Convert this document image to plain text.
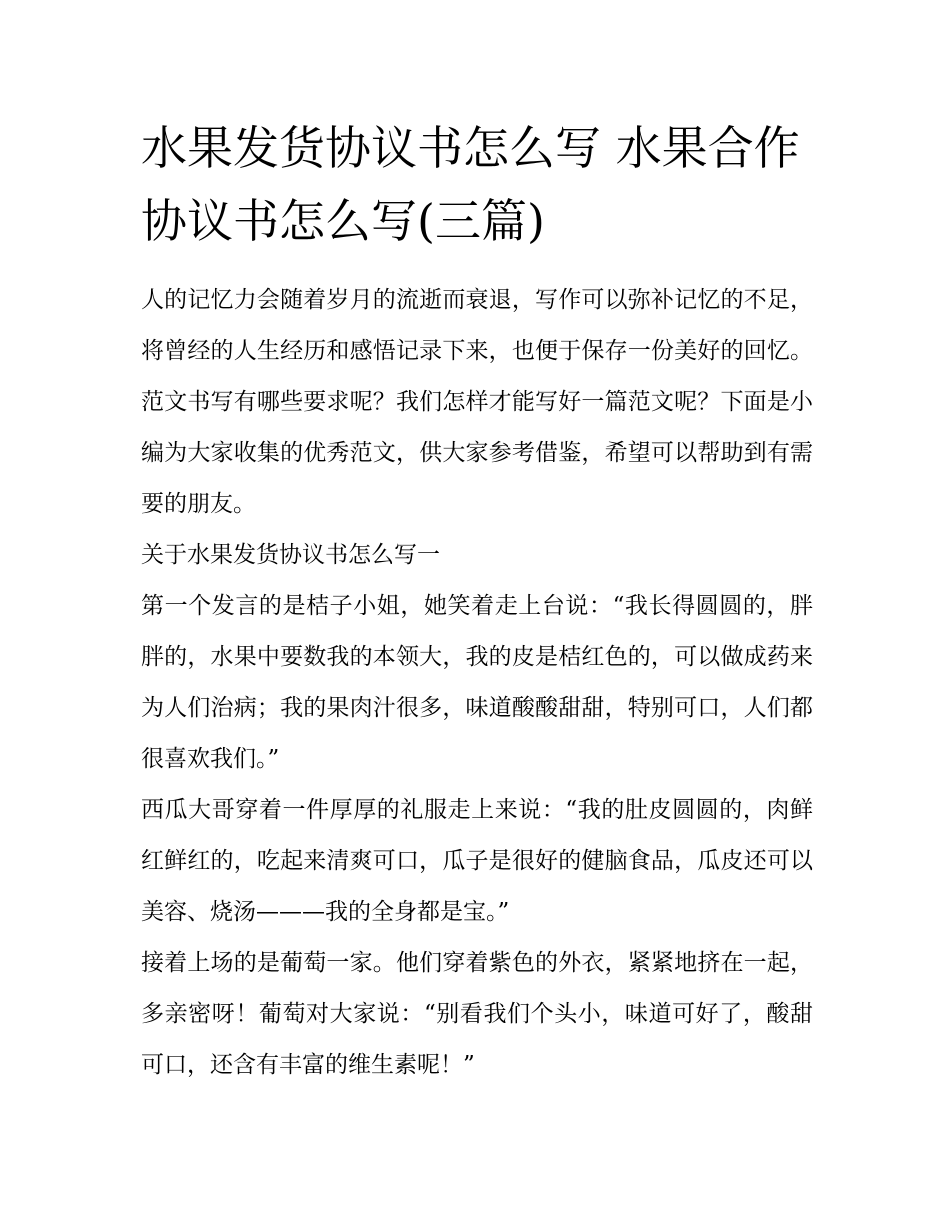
水果发货协议书怎么写 水果合作协议书怎么写(三篇)

人的记忆力会随着岁月的流逝而衰退，写作可以弥补记忆的不足，将曾经的人生经历和感悟记录下来，也便于保存一份美好的回忆。范文书写有哪些要求呢？我们怎样才能写好一篇范文呢？下面是小编为大家收集的优秀范文，供大家参考借鉴，希望可以帮助到有需要的朋友。

关于水果发货协议书怎么写一

第一个发言的是桔子小姐，她笑着走上台说：“我长得圆圆的，胖胖的，水果中要数我的本领大，我的皮是桔红色的，可以做成药来为人们治病；我的果肉汁很多，味道酸酸甜甜，特别可口，人们都很喜欢我们。”

西瓜大哥穿着一件厚厚的礼服走上来说：“我的肚皮圆圆的，肉鲜红鲜红的，吃起来清爽可口，瓜子是很好的健脑食品，瓜皮还可以美容、烧汤———我的全身都是宝。”

接着上场的是葡萄一家。他们穿着紫色的外衣，紧紧地挤在一起，多亲密呀！葡萄对大家说：“别看我们个头小，味道可好了，酸甜可口，还含有丰富的维生素呢！”
